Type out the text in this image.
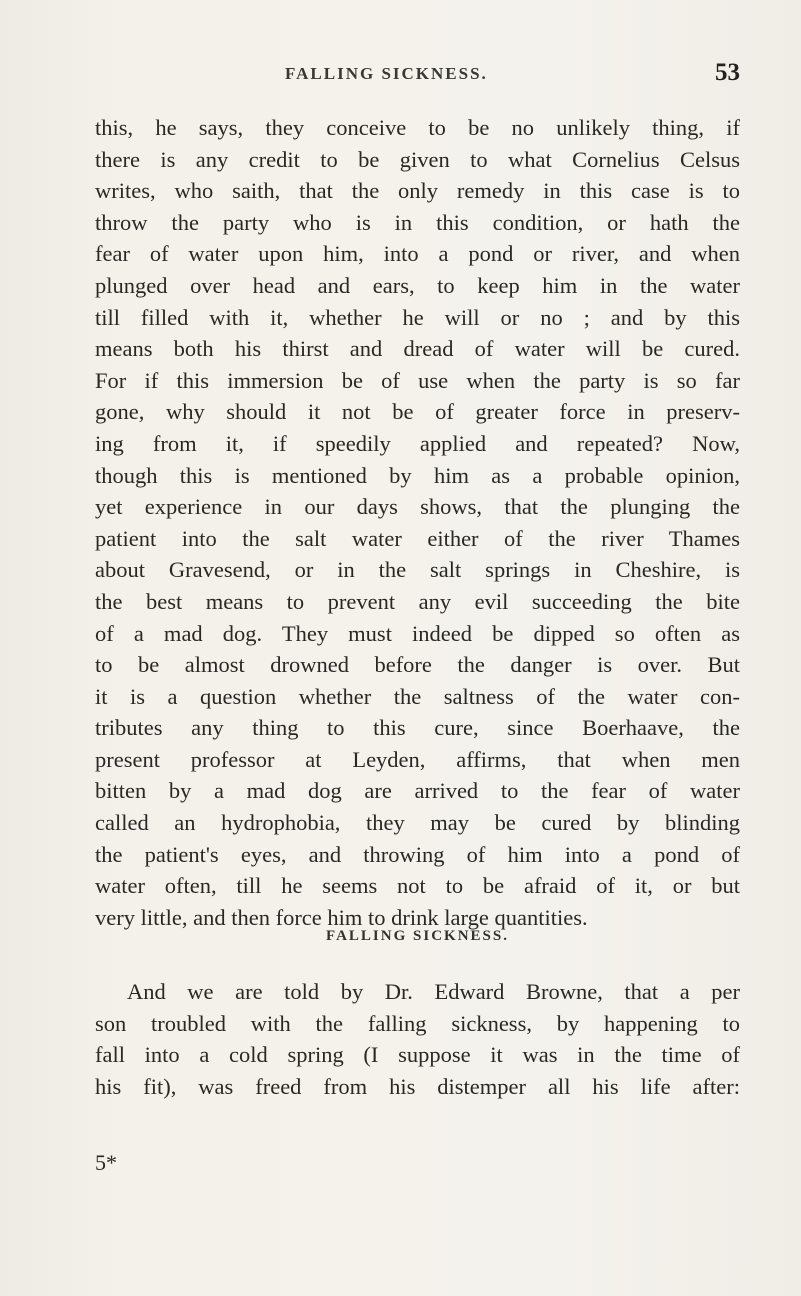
FALLING SICKNESS.	53
this, he says, they conceive to be no unlikely thing, if
there is any credit to be given to what Cornelius Celsus
writes, who saith, that the only remedy in this case is to
throw the party who is in this condition, or hath the
fear of water upon him, into a pond or river, and when
plunged over head and ears, to keep him in the water
till filled with it, whether he will or no ; and by this
means both his thirst and dread of water will be cured.
For if this immersion be of use when the party is so far
gone, why should it not be of greater force in preserv-
ing from it, if speedily applied and repeated? Now,
though this is mentioned by him as a probable opinion,
yet experience in our days shows, that the plunging the
patient into the salt water either of the river Thames
about Gravesend, or in the salt springs in Cheshire, is
the best means to prevent any evil succeeding the bite
of a mad dog. They must indeed be dipped so often as
to be almost drowned before the danger is over. But
it is a question whether the saltness of the water con-
tributes any thing to this cure, since Boerhaave, the
present professor at Leyden, affirms, that when men
bitten by a mad dog are arrived to the fear of water
called an hydrophobia, they may be cured by blinding
the patient's eyes, and throwing of him into a pond of
water often, till he seems not to be afraid of it, or but
very little, and then force him to drink large quantities.
FALLING SICKNESS.
And we are told by Dr. Edward Browne, that a per
son troubled with the falling sickness, by happening to
fall into a cold spring (I suppose it was in the time of
his fit), was freed from his distemper all his life after:
5*
